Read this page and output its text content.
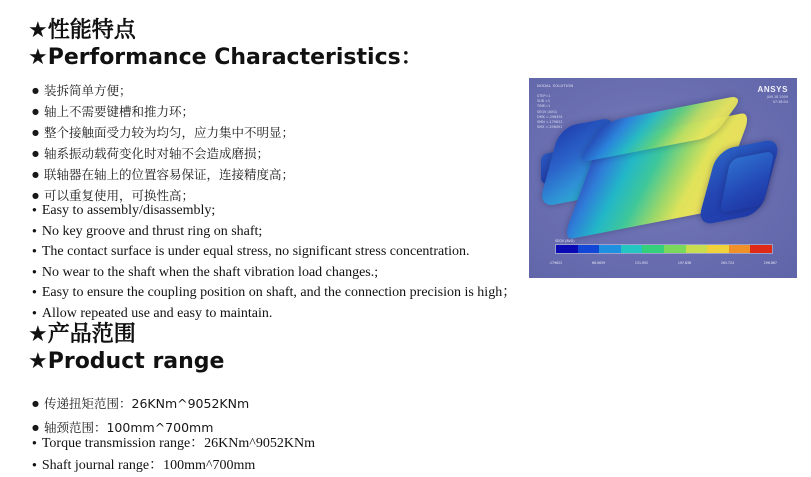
★性能特点
★Performance Characteristics：
● 装拆简单方便；
● 轴上不需要键槽和推力环；
● 整个接触面受力较为均匀，应力集中不明显；
● 轴系振动载荷变化时对轴不会造成磨损；
● 联轴器在轴上的位置容易保证，连接精度高；
● 可以重复使用，可换性高；
● Easy to assembly/disassembly;
● No key groove and thrust ring on shaft;
● The contact surface is under equal stress, no significant stress concentration.
● No wear to the shaft when the shaft vibration load changes.;
● Easy to ensure the coupling position on shaft, and the connection precision is high；
● Allow repeated use and easy to maintain.
★产品范围
★Product range
● 传递扭矩范围：26KNm^9052KNm
● 轴颈范围：100mm^700mm
● Torque transmission range：26KNm^9052KNm
● Shaft journal range：100mm^700mm
NODAL SOLUTION
STEP=1
SUB =1
TIME=1
SEQV (AVG)
DMX =.298491
SMN =.179622
SMX =.298491
ANSYS
JUN 18 2009
07:38:04
SEQV (AVG)
.179622	66.0659	131.952	197.838	263.724	296.667
